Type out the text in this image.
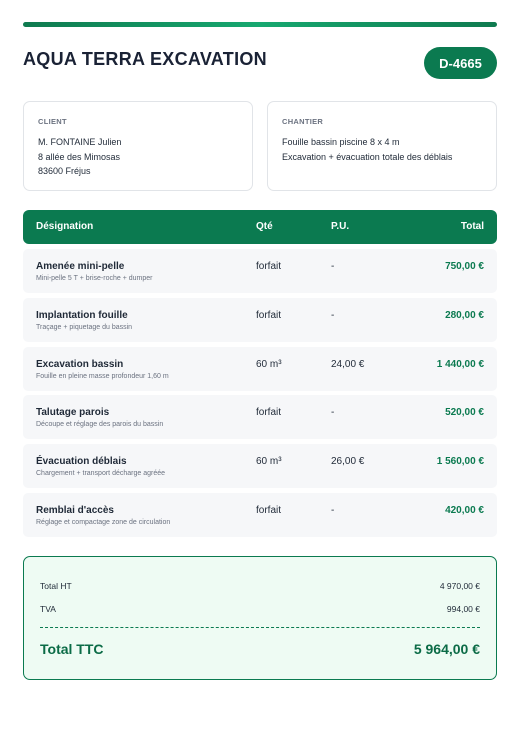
AQUA TERRA EXCAVATION	D-4665
CLIENT
M. FONTAINE Julien
8 allée des Mimosas
83600 Fréjus
CHANTIER
Fouille bassin piscine 8 x 4 m
Excavation + évacuation totale des déblais
Désignation	Qté	P.U.	Total
Amenée mini-pelle
Mini-pelle 5 T + brise-roche + dumper
forfait	-	750,00 €
Implantation fouille
Traçage + piquetage du bassin
forfait	-	280,00 €
Excavation bassin
Fouille en pleine masse profondeur 1,60 m
60 m³	24,00 €	1 440,00 €
Talutage parois
Découpe et réglage des parois du bassin
forfait	-	520,00 €
Évacuation déblais
Chargement + transport décharge agréée
60 m³	26,00 €	1 560,00 €
Remblai d'accès
Réglage et compactage zone de circulation
forfait	-	420,00 €
Total HT	4 970,00 €
TVA	994,00 €
Total TTC	5 964,00 €
